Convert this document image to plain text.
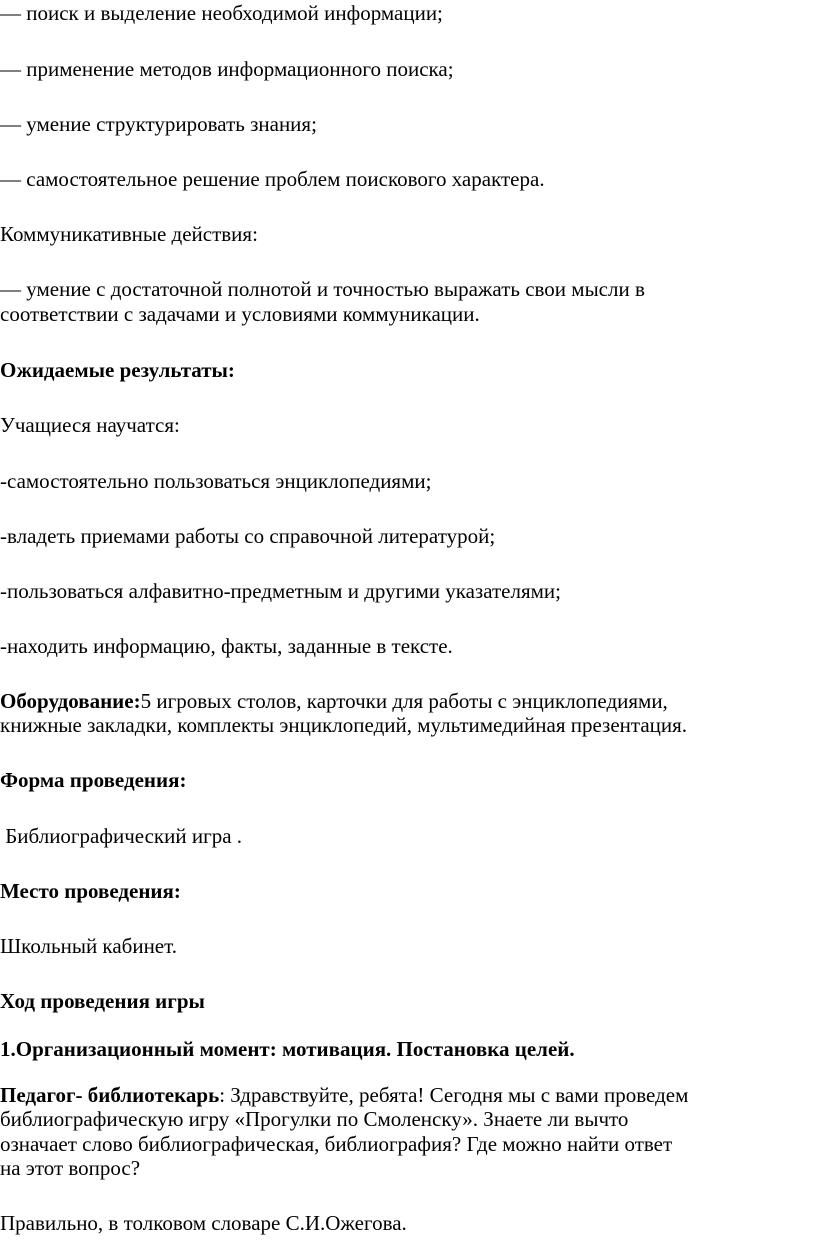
— поиск и выделение необходимой информации;
— применение методов информационного поиска;
— умение структурировать знания;
— самостоятельное решение проблем поискового характера.
Коммуникативные действия:
— умение с достаточной полнотой и точностью выражать свои мысли в
соответствии с задачами и условиями коммуникации.
Ожидаемые результаты:
Учащиеся научатся:
-самостоятельно пользоваться энциклопедиями;
-владеть приемами работы со справочной литературой;
-пользоваться алфавитно-предметным и другими указателями;
-находить информацию, факты, заданные в тексте.
Оборудование:5 игровых столов, карточки для работы с энциклопедиями,
книжные закладки, комплекты энциклопедий, мультимедийная презентация.
Форма проведения:
Библиографический игра .
Место проведения:
Школьный кабинет.
Ход проведения игры
1.Организационный момент: мотивация. Постановка целей.
Педагог- библиотекарь: Здравствуйте, ребята! Сегодня мы с вами проведем
библиографическую игру «Прогулки по Смоленску». Знаете ли вычто
означает слово библиографическая, библиография? Где можно найти ответ
на этот вопрос?
Правильно, в толковом словаре С.И.Ожегова.
